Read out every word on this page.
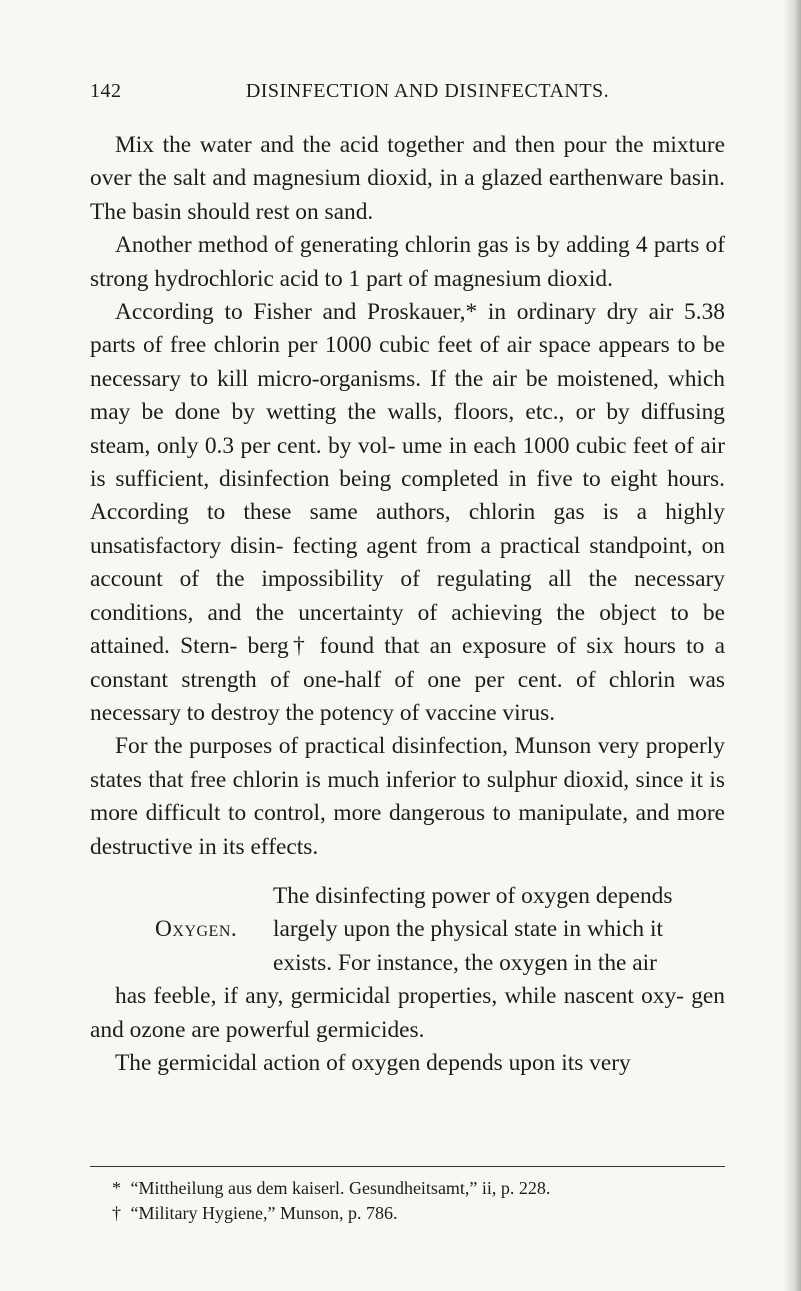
142	DISINFECTION AND DISINFECTANTS.

Mix the water and the acid together and then pour the mixture over the salt and magnesium dioxid, in a glazed earthenware basin. The basin should rest on sand.

Another method of generating chlorin gas is by adding 4 parts of strong hydrochloric acid to 1 part of magnesium dioxid.

According to Fisher and Proskauer,* in ordinary dry air 5.38 parts of free chlorin per 1000 cubic feet of air space appears to be necessary to kill micro-organisms. If the air be moistened, which may be done by wetting the walls, floors, etc., or by diffusing steam, only 0.3 per cent. by vol- ume in each 1000 cubic feet of air is sufficient, disinfection being completed in five to eight hours. According to these same authors, chlorin gas is a highly unsatisfactory disin- fecting agent from a practical standpoint, on account of the impossibility of regulating all the necessary conditions, and the uncertainty of achieving the object to be attained. Stern- berg† found that an exposure of six hours to a constant strength of one-half of one per cent. of chlorin was necessary to destroy the potency of vaccine virus.

For the purposes of practical disinfection, Munson very properly states that free chlorin is much inferior to sulphur dioxid, since it is more difficult to control, more dangerous to manipulate, and more destructive in its effects.

Oxygen.
The disinfecting power of oxygen depends
largely upon the physical state in which it
exists. For instance, the oxygen in the air

has feeble, if any, germicidal properties, while nascent oxy- gen and ozone are powerful germicides.

The germicidal action of oxygen depends upon its very

* “Mittheilung aus dem kaiserl. Gesundheitsamt,” ii, p. 228.
† “Military Hygiene,” Munson, p. 786.
